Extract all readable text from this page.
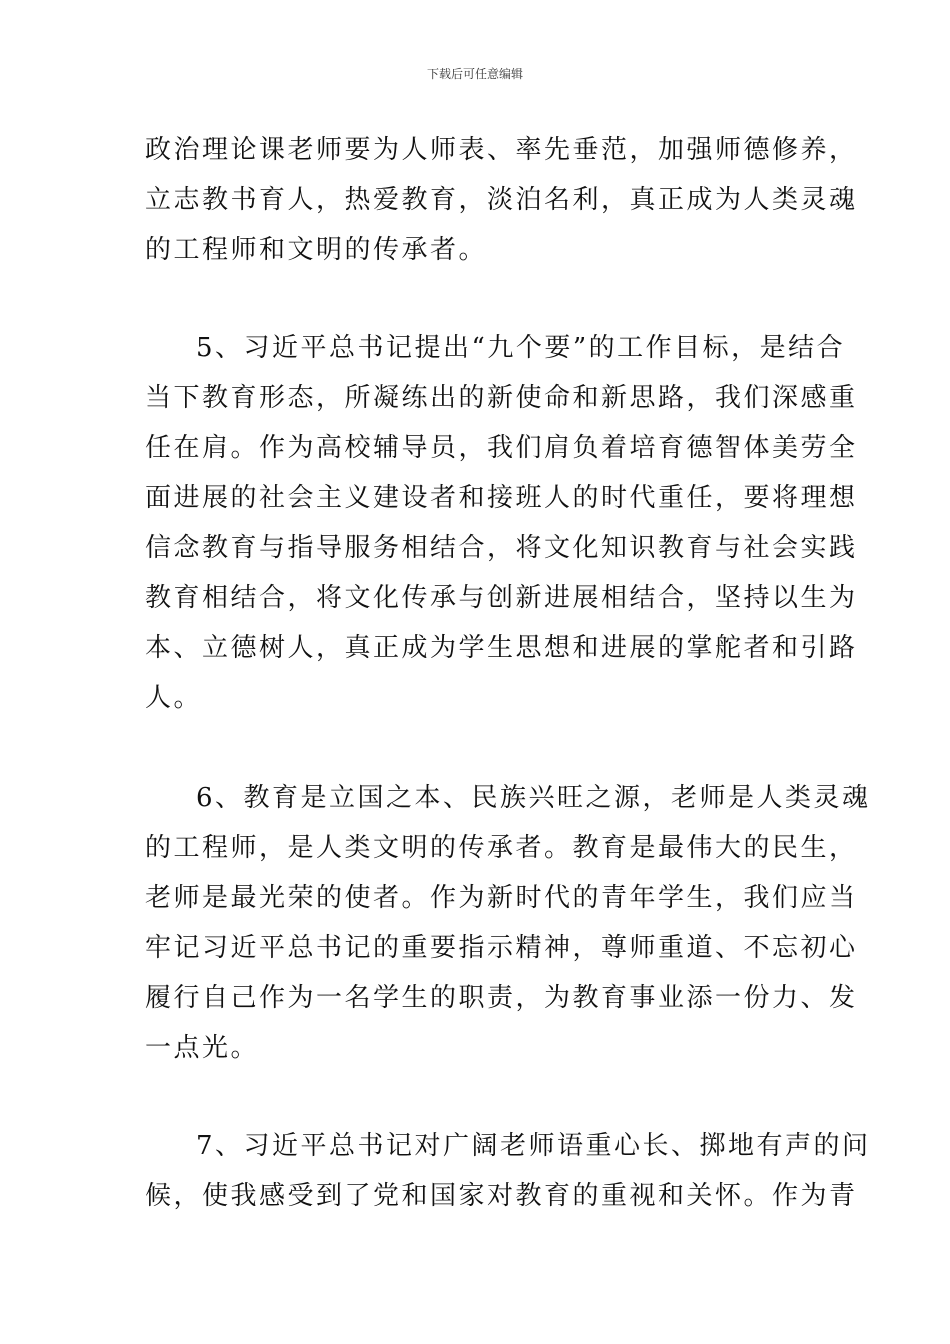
下载后可任意编辑
政治理论课老师要为人师表、率先垂范，加强师德修养，
立志教书育人，热爱教育，淡泊名利，真正成为人类灵魂
的工程师和文明的传承者。
5、习近平总书记提出“九个要”的工作目标，是结合
当下教育形态，所凝练出的新使命和新思路，我们深感重
任在肩。作为高校辅导员，我们肩负着培育德智体美劳全
面进展的社会主义建设者和接班人的时代重任，要将理想
信念教育与指导服务相结合，将文化知识教育与社会实践
教育相结合，将文化传承与创新进展相结合，坚持以生为
本、立德树人，真正成为学生思想和进展的掌舵者和引路
人。
6、教育是立国之本、民族兴旺之源，老师是人类灵魂
的工程师，是人类文明的传承者。教育是最伟大的民生，
老师是最光荣的使者。作为新时代的青年学生，我们应当
牢记习近平总书记的重要指示精神，尊师重道、不忘初心
履行自己作为一名学生的职责，为教育事业添一份力、发
一点光。
7、习近平总书记对广阔老师语重心长、掷地有声的问
候，使我感受到了党和国家对教育的重视和关怀。作为青
